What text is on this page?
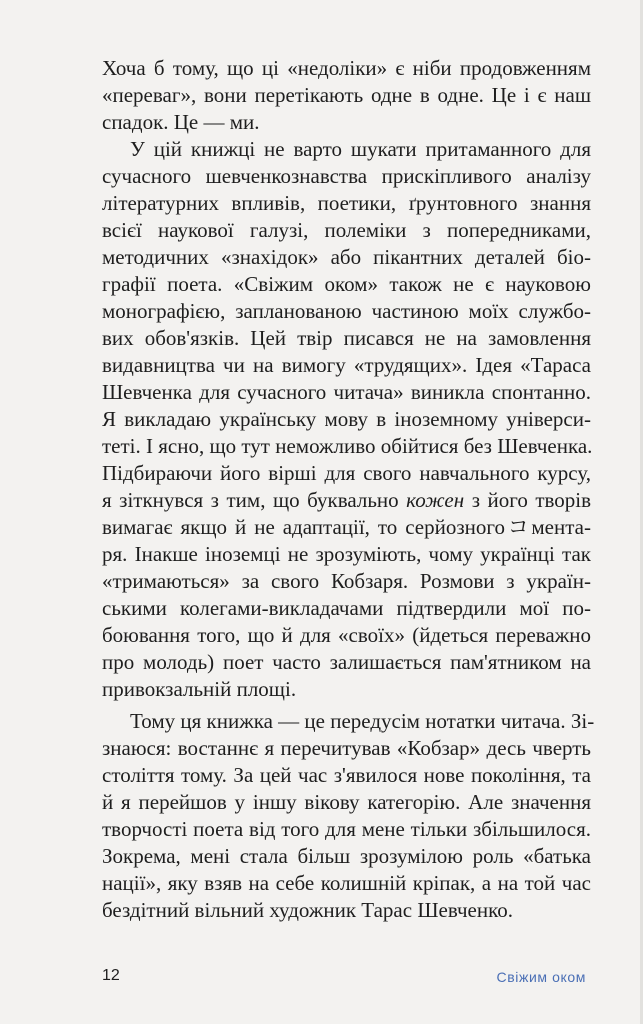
Хоча б тому, що ці «недоліки» є ніби продовженням
«переваг», вони перетікають одне в одне. Це і є наш
спадок. Це — ми.
У цій книжці не варто шукати притаманного для
сучасного шевченкознавства прискіпливого аналізу
літературних впливів, поетики, ґрунтовного знання
всієї наукової галузі, полеміки з попередниками,
методичних «знахідок» або пікантних деталей біо-
графії поета. «Свіжим оком» також не є науковою
монографією, запланованою частиною моїх службо-
вих обов'язків. Цей твір писався не на замовлення
видавництва чи на вимогу «трудящих». Ідея «Тараса
Шевченка для сучасного читача» виникла спонтанно.
Я викладаю українську мову в іноземному універси-
теті. І ясно, що тут неможливо обійтися без Шевченка.
Підбираючи його вірші для свого навчального курсу,
я зіткнувся з тим, що буквально кожен з його творів
вимагає якщо й не адаптації, то серйозногоコмента-
ря. Інакше іноземці не зрозуміють, чому українці так
«тримаються» за свого Кобзаря. Розмови з україн-
ськими колегами-викладачами підтвердили мої по-
боювання того, що й для «своїх» (йдеться переважно
про молодь) поет часто залишається пам'ятником на
привокзальній площі.
Тому ця книжка — це передусім нотатки читача. Зі-
знаюся: востаннє я перечитував «Кобзар» десь чверть
століття тому. За цей час з'явилося нове покоління, та
й я перейшов у іншу вікову категорію. Але значення
творчості поета від того для мене тільки збільшилося.
Зокрема, мені стала більш зрозумілою роль «батька
нації», яку взяв на себе колишній кріпак, а на той час
бездітний вільний художник Тарас Шевченко.
12	Свіжим оком
